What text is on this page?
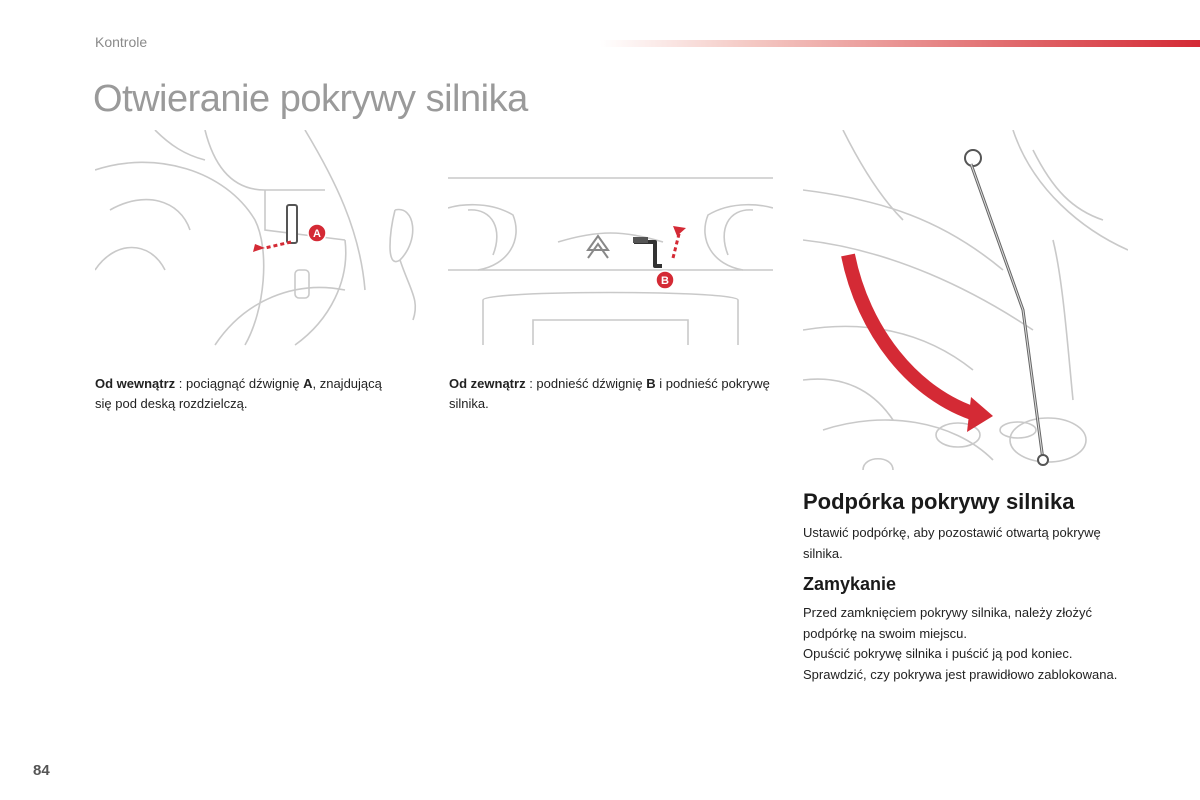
Kontrole
Otwieranie pokrywy silnika
A
B
Od wewnątrz : pociągnąć dźwignię A, znajdującą się pod deską rozdzielczą.
Od zewnątrz : podnieść dźwignię B i podnieść pokrywę silnika.
Podpórka pokrywy silnika
Ustawić podpórkę, aby pozostawić otwartą pokrywę silnika.
Zamykanie
Przed zamknięciem pokrywy silnika, należy złożyć podpórkę na swoim miejscu.
Opuścić pokrywę silnika i puścić ją pod koniec.
Sprawdzić, czy pokrywa jest prawidłowo zablokowana.
84
